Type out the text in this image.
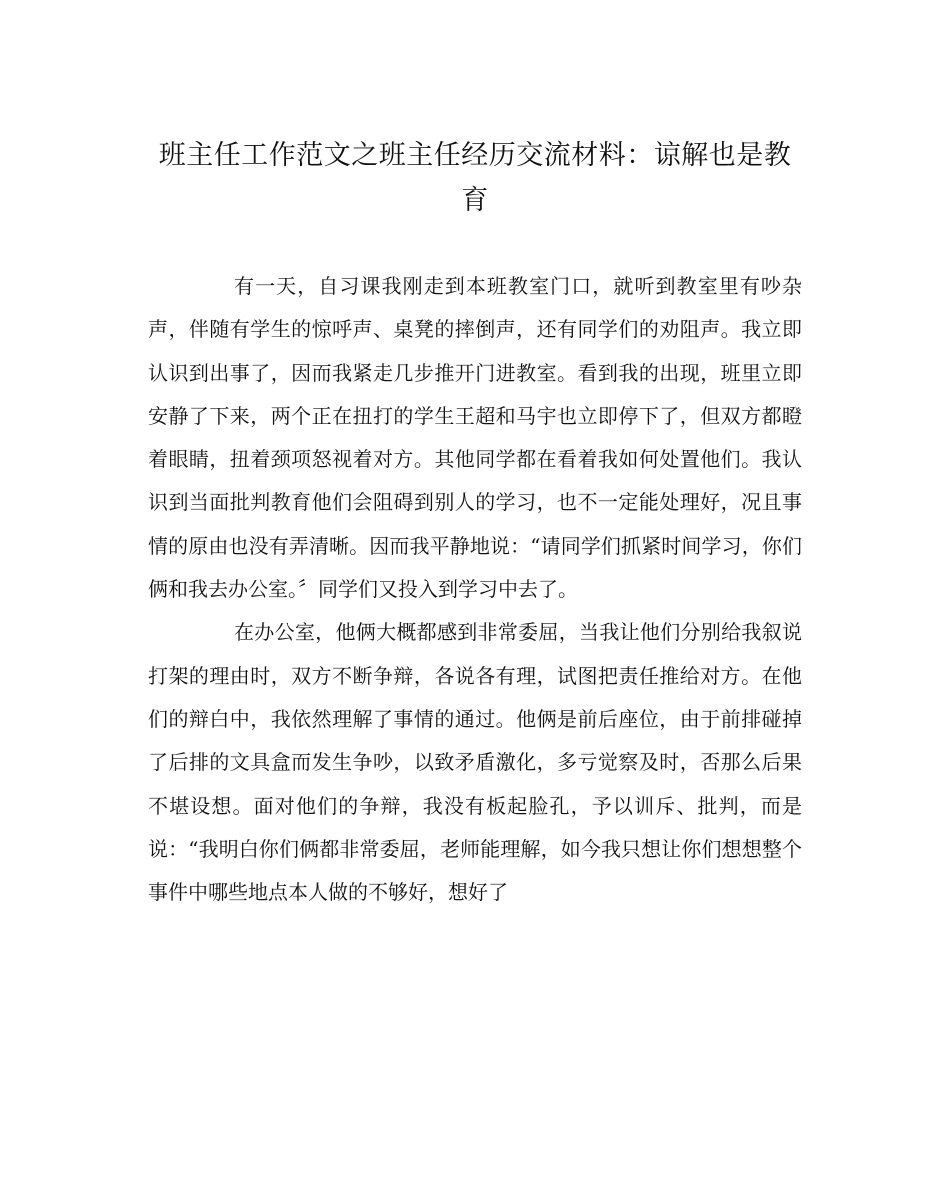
班主任工作范文之班主任经历交流材料：谅解也是教育

有一天，自习课我刚走到本班教室门口，就听到教室里有吵杂声，伴随有学生的惊呼声、桌凳的摔倒声，还有同学们的劝阻声。我立即认识到出事了，因而我紧走几步推开门进教室。看到我的出现，班里立即安静了下来，两个正在扭打的学生王超和马宇也立即停下了，但双方都瞪着眼睛，扭着颈项怒视着对方。其他同学都在看着我如何处置他们。我认识到当面批判教育他们会阻碍到别人的学习，也不一定能处理好，况且事情的原由也没有弄清晰。因而我平静地说：“请同学们抓紧时间学习，你们俩和我去办公室。〞同学们又投入到学习中去了。

在办公室，他俩大概都感到非常委屈，当我让他们分别给我叙说打架的理由时，双方不断争辩，各说各有理，试图把责任推给对方。在他们的辩白中，我依然理解了事情的通过。他俩是前后座位，由于前排碰掉了后排的文具盒而发生争吵，以致矛盾激化，多亏觉察及时，否那么后果不堪设想。面对他们的争辩，我没有板起脸孔，予以训斥、批判，而是说：“我明白你们俩都非常委屈，老师能理解，如今我只想让你们想想整个事件中哪些地点本人做的不够好，想好了
